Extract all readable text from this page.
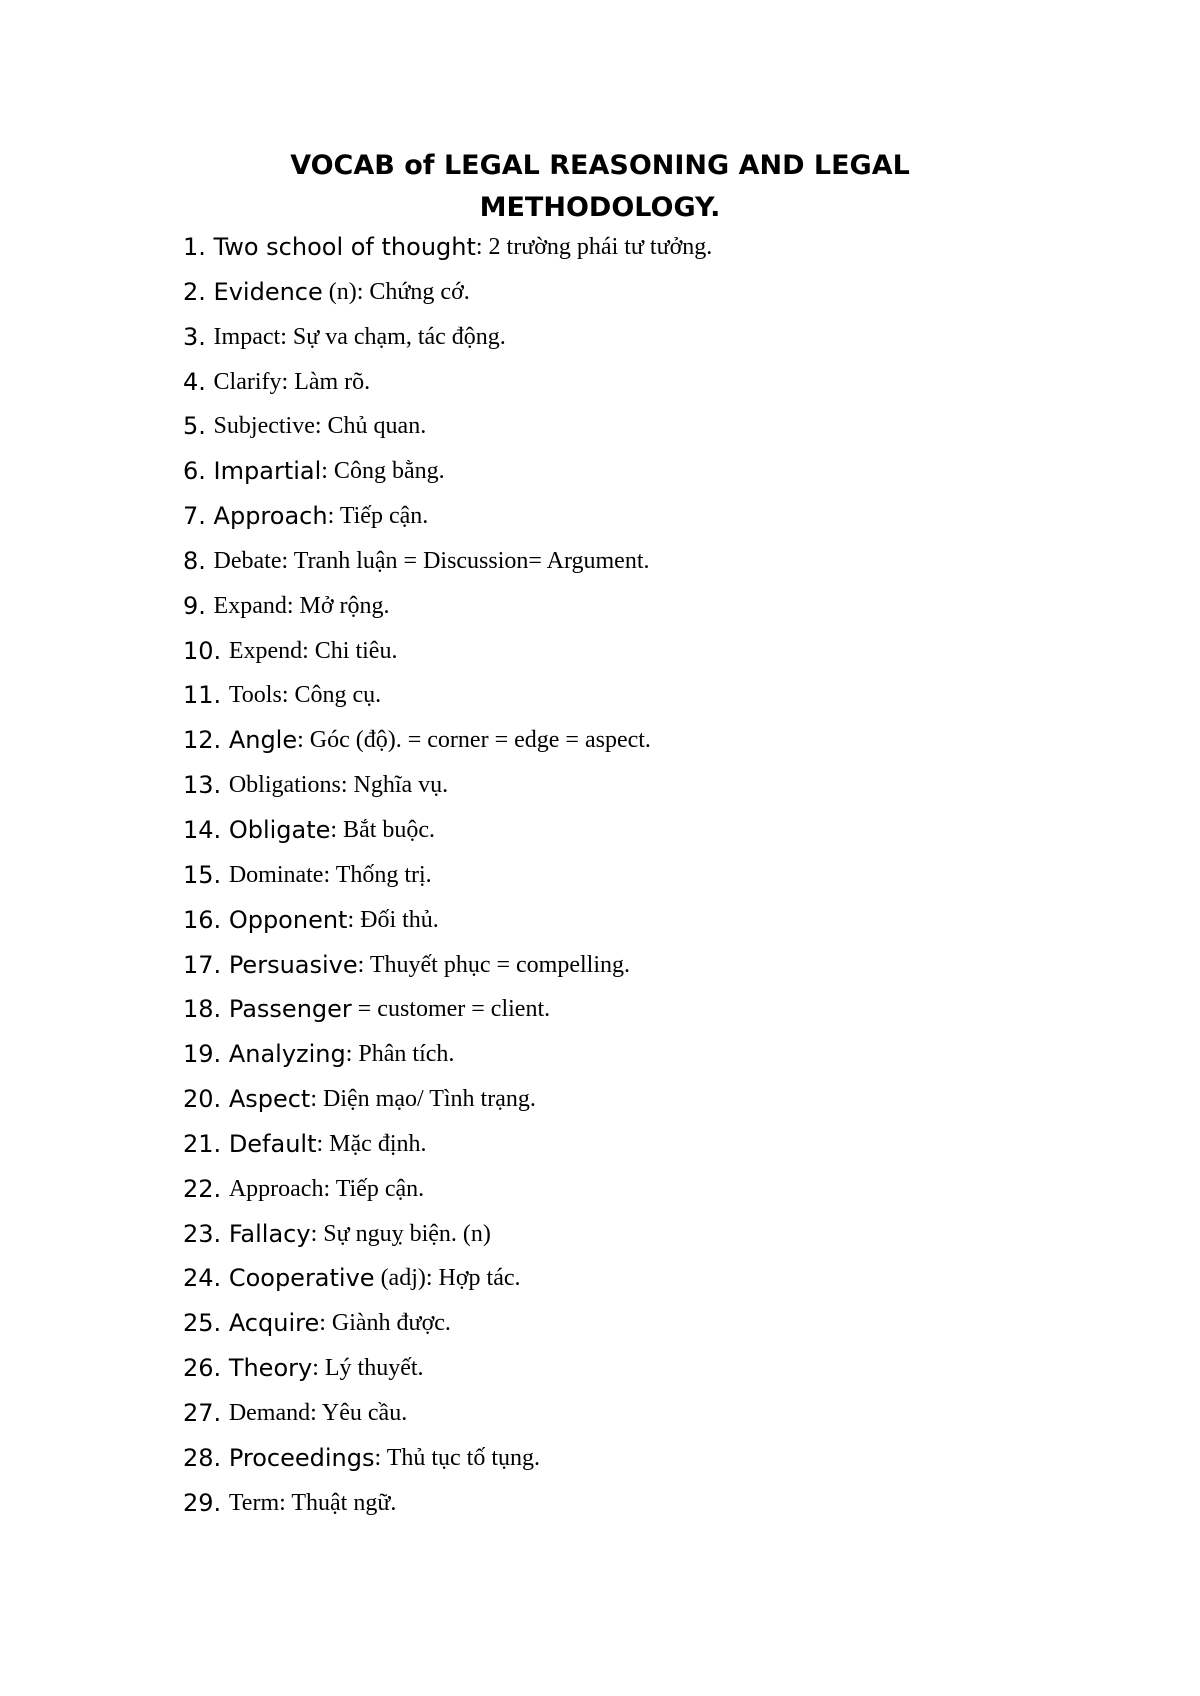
VOCAB of LEGAL REASONING AND LEGAL
METHODOLOGY.
1 . Two school of thought : 2 trường phái tư tưởng.
2 . Evidence (n): Chứng cớ.
3 . Impact : Sự va chạm, tác động.
4 . Clarify : Làm rõ.
5 . Subjective : Chủ quan.
6 . Impartial : Công bằng.
7 . Approach : Tiếp cận.
8 . Debate : Tranh luận = Discussion= Argument.
9 . Expand : Mở rộng.
10 . Expend : Chi tiêu.
11 . Tools : Công cụ.
12 . Angle : Góc (độ). = corner = edge = aspect.
13 . Obligations : Nghĩa vụ.
14 . Obligate : Bắt buộc.
15 . Dominate : Thống trị.
16 . Opponent : Đối thủ.
17 . Persuasive : Thuyết phục = compelling.
18 . Passenger = customer = client.
19 . Analyzing : Phân tích.
20 . Aspect : Diện mạo/ Tình trạng.
21 . Default : Mặc định.
22 . Approach : Tiếp cận.
23 . Fallacy : Sự nguỵ biện. (n)
24 . Cooperative (adj): Hợp tác.
25 . Acquire : Giành được.
26 . Theory : Lý thuyết.
27 . Demand : Yêu cầu.
28 . Proceedings : Thủ tục tố tụng.
29 . Term : Thuật ngữ.
